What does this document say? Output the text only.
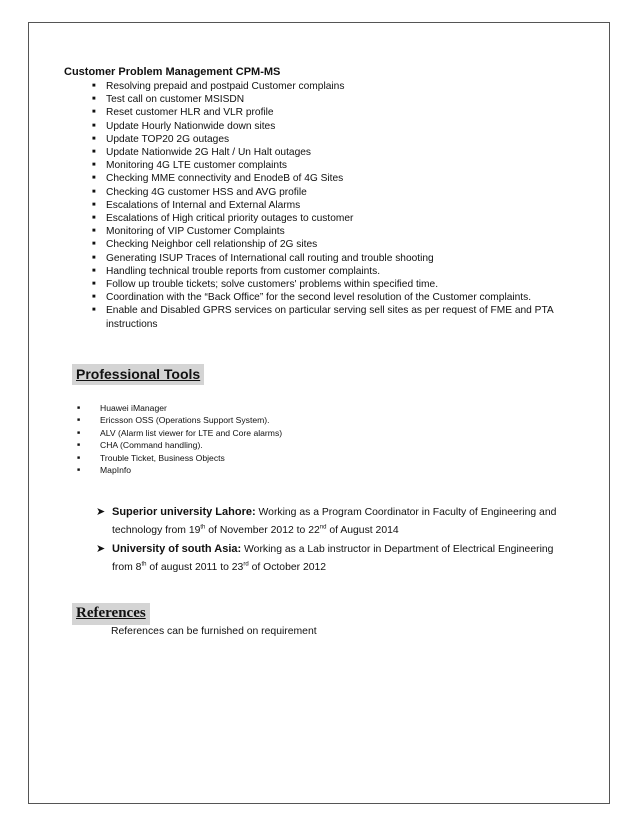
Customer Problem Management CPM-MS
■ Resolving prepaid and postpaid Customer complains
■ Test call on customer MSISDN
■ Reset customer HLR and VLR profile
■ Update Hourly Nationwide down sites
■ Update TOP20 2G outages
■ Update Nationwide 2G Halt / Un Halt outages
■ Monitoring 4G LTE customer complaints
■ Checking MME connectivity and EnodeB of 4G Sites
■ Checking 4G customer HSS and AVG profile
■ Escalations of Internal and External Alarms
■ Escalations of High critical priority outages to customer
■ Monitoring of VIP Customer Complaints
■ Checking Neighbor cell relationship of 2G sites
■ Generating ISUP Traces of International call routing and trouble shooting
■ Handling technical trouble reports from customer complaints.
■ Follow up trouble tickets; solve customers' problems within specified time.
■ Coordination with the “Back Office” for the second level resolution of the Customer complaints.
■ Enable and Disabled GPRS services on particular serving sell sites as per request of FME and PTA instructions
Professional Tools
■ Huawei iManager
■ Ericsson OSS (Operations Support System).
■ ALV (Alarm list viewer for LTE and Core alarms)
■ CHA (Command handling).
■ Trouble Ticket, Business Objects
■ MapInfo
➤ Superior university Lahore: Working as a Program Coordinator in Faculty of Engineering and technology from 19th of November 2012 to 22nd of August 2014
➤ University of south Asia: Working as a Lab instructor in Department of Electrical Engineering from 8th of august 2011 to 23rd of October 2012
References
References can be furnished on requirement
